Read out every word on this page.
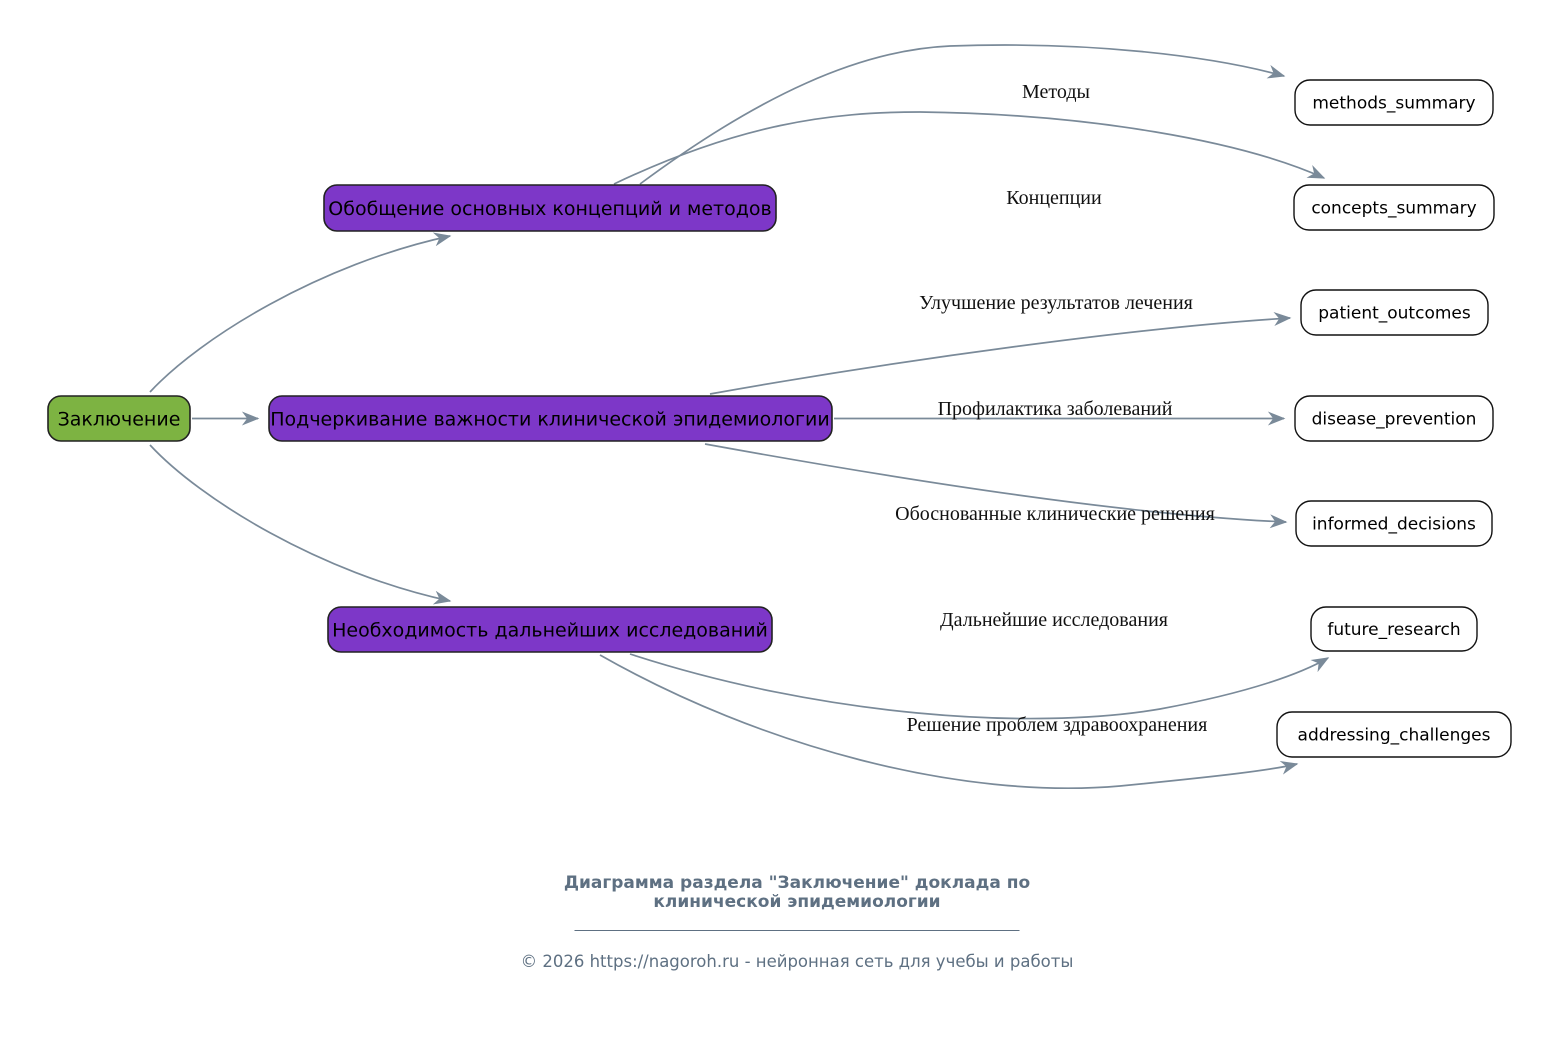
Методы
Концепции
Улучшение результатов лечения
Профилактика заболеваний
Обоснованные клинические решения
Дальнейшие исследования
Решение проблем здравоохранения
Заключение
Обобщение основных концепций и методов
Подчеркивание важности клинической эпидемиологии
Необходимость дальнейших исследований
methods_summary
concepts_summary
patient_outcomes
disease_prevention
informed_decisions
future_research
addressing_challenges
Диаграмма раздела "Заключение" доклада по
клинической эпидемиологии
© 2026 https://nagoroh.ru - нейронная сеть для учебы и работы
